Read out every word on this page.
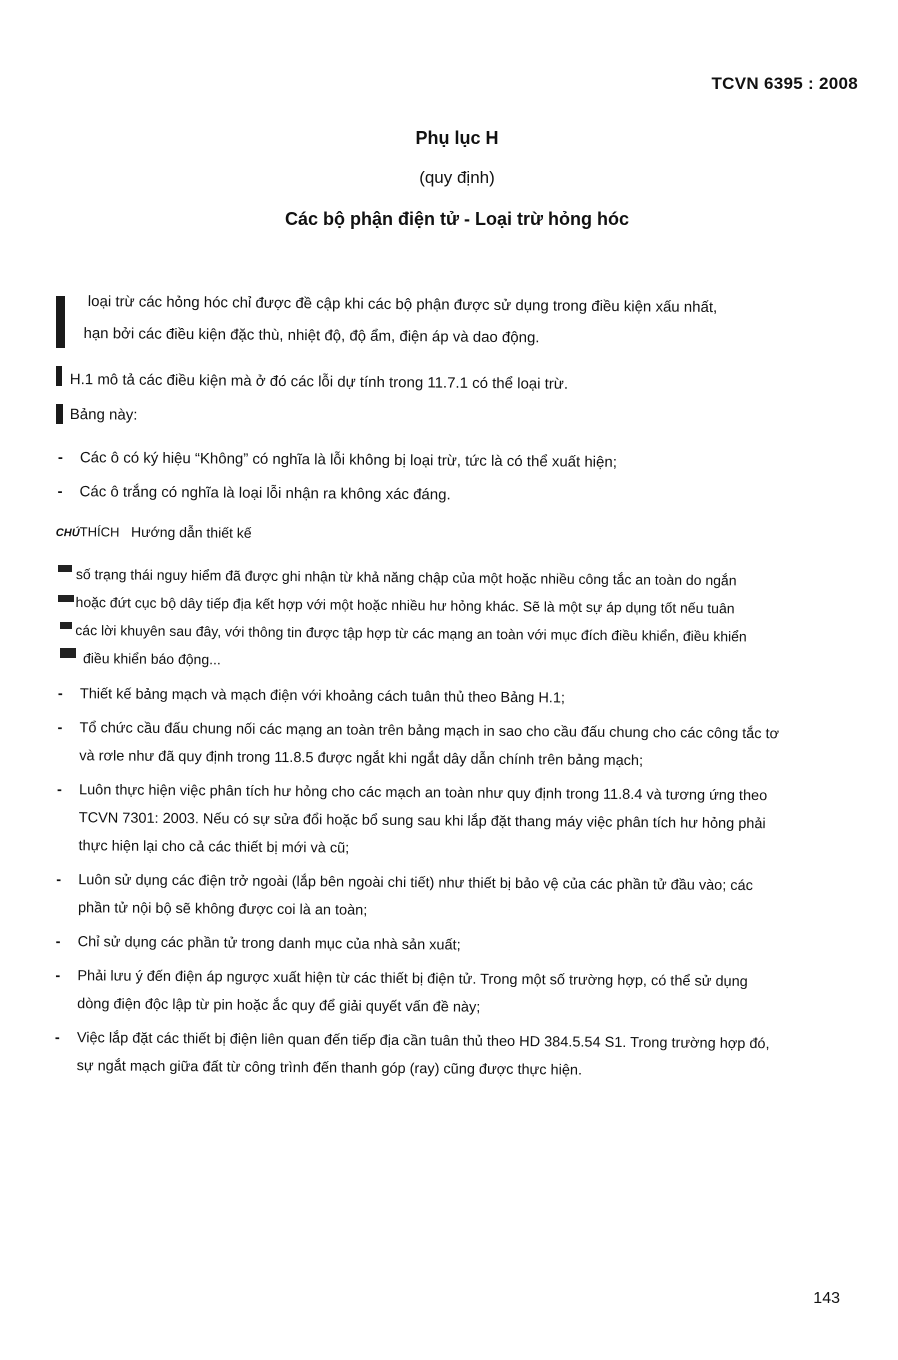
TCVN 6395 : 2008
Phụ lục H
(quy định)
Các bộ phận điện tử - Loại trừ hỏng hóc
loại trừ các hỏng hóc chỉ được đề cập khi các bộ phận được sử dụng trong điều kiện xấu nhất,
hạn bởi các điều kiện đặc thù, nhiệt độ, độ ẩm, điện áp và dao động.
H.1 mô tả các điều kiện mà ở đó các lỗi dự tính trong 11.7.1 có thể loại trừ.
Bảng này:
- Các ô có ký hiệu “Không” có nghĩa là lỗi không bị loại trừ, tức là có thể xuất hiện;
- Các ô trắng có nghĩa là loại lỗi nhận ra không xác đáng.
CHÚTHÍCH Hướng dẫn thiết kế
số trạng thái nguy hiểm đã được ghi nhận từ khả năng chập của một hoặc nhiều công tắc an toàn do ngắn
hoặc đứt cục bộ dây tiếp địa kết hợp với một hoặc nhiều hư hỏng khác. Sẽ là một sự áp dụng tốt nếu tuân
các lời khuyên sau đây, với thông tin được tập hợp từ các mạng an toàn với mục đích điều khiển, điều khiển
điều khiển báo động...
- Thiết kế bảng mạch và mạch điện với khoảng cách tuân thủ theo Bảng H.1;
- Tổ chức cầu đấu chung nối các mạng an toàn trên bảng mạch in sao cho cầu đấu chung cho các công tắc tơ
và rơle như đã quy định trong 11.8.5 được ngắt khi ngắt dây dẫn chính trên bảng mạch;
- Luôn thực hiện việc phân tích hư hỏng cho các mạch an toàn như quy định trong 11.8.4 và tương ứng theo
TCVN 7301: 2003. Nếu có sự sửa đổi hoặc bổ sung sau khi lắp đặt thang máy việc phân tích hư hỏng phải
thực hiện lại cho cả các thiết bị mới và cũ;
- Luôn sử dụng các điện trở ngoài (lắp bên ngoài chi tiết) như thiết bị bảo vệ của các phần tử đầu vào; các
phần tử nội bộ sẽ không được coi là an toàn;
- Chỉ sử dụng các phần tử trong danh mục của nhà sản xuất;
- Phải lưu ý đến điện áp ngược xuất hiện từ các thiết bị điện tử. Trong một số trường hợp, có thể sử dụng
dòng điện độc lập từ pin hoặc ắc quy để giải quyết vấn đề này;
- Việc lắp đặt các thiết bị điện liên quan đến tiếp địa cần tuân thủ theo HD 384.5.54 S1. Trong trường hợp đó,
sự ngắt mạch giữa đất từ công trình đến thanh góp (ray) cũng được thực hiện.
143
